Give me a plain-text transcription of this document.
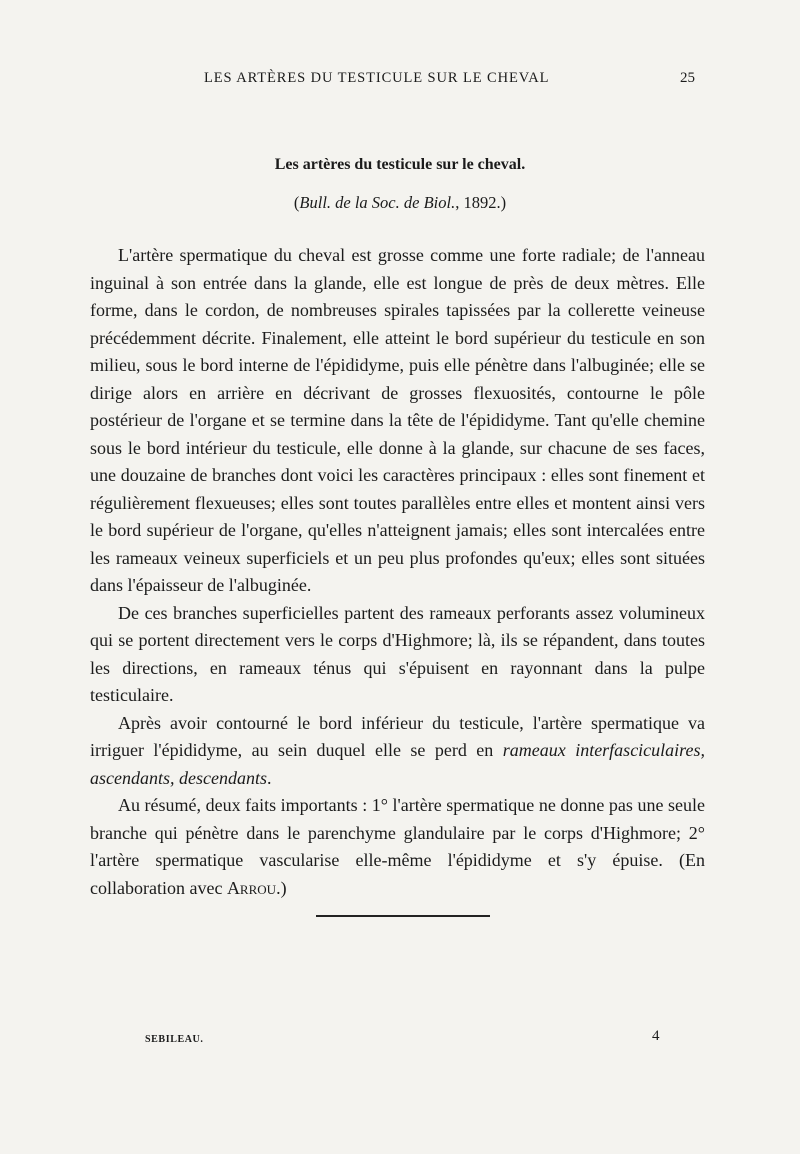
LES ARTÈRES DU TESTICULE SUR LE CHEVAL	25
Les artères du testicule sur le cheval.
(Bull. de la Soc. de Biol., 1892.)

L'artère spermatique du cheval est grosse comme une forte radiale; de l'anneau inguinal à son entrée dans la glande, elle est longue de près de deux mètres. Elle forme, dans le cordon, de nombreuses spirales tapissées par la collerette veineuse précédemment décrite. Finalement, elle atteint le bord supérieur du testicule en son milieu, sous le bord interne de l'épididyme, puis elle pénètre dans l'albuginée; elle se dirige alors en arrière en décrivant de grosses flexuosités, contourne le pôle postérieur de l'organe et se termine dans la tête de l'épididyme. Tant qu'elle chemine sous le bord intérieur du testicule, elle donne à la glande, sur chacune de ses faces, une douzaine de branches dont voici les caractères principaux : elles sont finement et régulièrement flexueuses; elles sont toutes parallèles entre elles et montent ainsi vers le bord supérieur de l'organe, qu'elles n'atteignent jamais; elles sont intercalées entre les rameaux veineux superficiels et un peu plus profondes qu'eux; elles sont situées dans l'épaisseur de l'albuginée.

De ces branches superficielles partent des rameaux perforants assez volumineux qui se portent directement vers le corps d'Highmore; là, ils se répandent, dans toutes les directions, en rameaux ténus qui s'épuisent en rayonnant dans la pulpe testiculaire.

Après avoir contourné le bord inférieur du testicule, l'artère spermatique va irriguer l'épididyme, au sein duquel elle se perd en rameaux interfasciculaires, ascendants, descendants.

Au résumé, deux faits importants : 1° l'artère spermatique ne donne pas une seule branche qui pénètre dans le parenchyme glandulaire par le corps d'Highmore; 2° l'artère spermatique vascularise elle-même l'épididyme et s'y épuise. (En collaboration avec Arrou.)

SEBILEAU.	4
